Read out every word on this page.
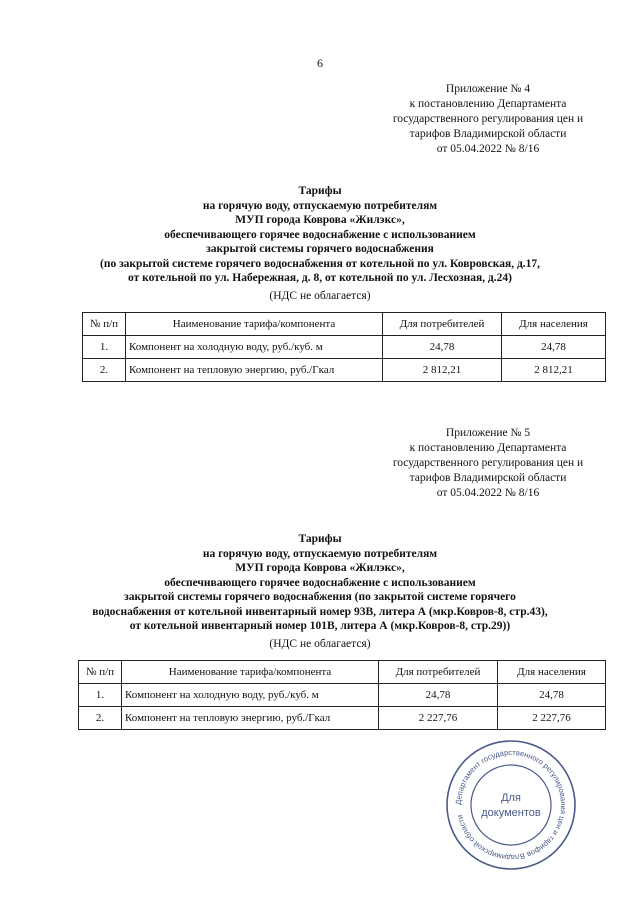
6
Приложение № 4
к постановлению Департамента
государственного регулирования цен и
тарифов Владимирской области
от 05.04.2022 № 8/16
Тарифы
на горячую воду, отпускаемую потребителям
МУП города Коврова «Жилэкс»,
обеспечивающего горячее водоснабжение с использованием
закрытой системы горячего водоснабжения
(по закрытой системе горячего водоснабжения от котельной по ул. Ковровская, д.17,
от котельной по ул. Набережная, д. 8, от котельной по ул. Лесхозная, д.24)
(НДС не облагается)
№ п/п	Наименование тарифа/компонента	Для потребителей	Для населения
1.	Компонент на холодную воду, руб./куб. м	24,78	24,78
2.	Компонент на тепловую энергию, руб./Гкал	2 812,21	2 812,21
Приложение № 5
к постановлению Департамента
государственного регулирования цен и
тарифов Владимирской области
от 05.04.2022 № 8/16
Тарифы
на горячую воду, отпускаемую потребителям
МУП города Коврова «Жилэкс»,
обеспечивающего горячее водоснабжение с использованием
закрытой системы горячего водоснабжения (по закрытой системе горячего
водоснабжения от котельной инвентарный номер 93В, литера А (мкр.Ковров-8, стр.43),
от котельной инвентарный номер 101В, литера А (мкр.Ковров-8, стр.29))
(НДС не облагается)
№ п/п	Наименование тарифа/компонента	Для потребителей	Для населения
1.	Компонент на холодную воду, руб./куб. м	24,78	24,78
2.	Компонент на тепловую энергию, руб./Гкал	2 227,76	2 227,76
Департамент государственного регулирования цен и тарифов Владимирской области
Для
документов
